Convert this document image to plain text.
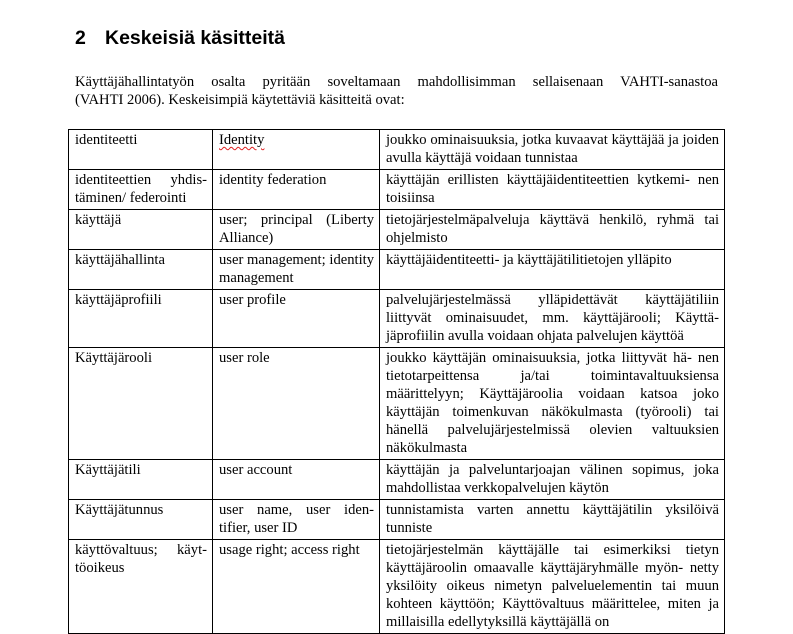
2 Keskeisiä käsitteitä
Käyttäjähallintatyön osalta pyritään soveltamaan mahdollisimman sellaisenaan VAHTI-sanastoa
(VAHTI 2006). Keskeisimpiä käytettäviä käsitteitä ovat:
identiteetti	Identity	joukko ominaisuuksia, jotka kuvaavat käyttäjää ja joiden avulla käyttäjä voidaan tunnistaa
identiteettien yhdis- täminen/ federointi	identity federation	käyttäjän erillisten käyttäjäidentiteettien kytkemi- nen toisiinsa
käyttäjä	user; principal (Liberty Alliance)	tietojärjestelmäpalveluja käyttävä henkilö, ryhmä tai ohjelmisto
käyttäjähallinta	user management; identity management	käyttäjäidentiteetti- ja käyttäjätilitietojen ylläpito
käyttäjäprofiili	user profile	palvelujärjestelmässä ylläpidettävät käyttäjätiliin liittyvät ominaisuudet, mm. käyttäjärooli; Käyttä- jäprofiilin avulla voidaan ohjata palvelujen käyttöä
Käyttäjärooli	user role	joukko käyttäjän ominaisuuksia, jotka liittyvät hä- nen tietotarpeittensa ja/tai toimintavaltuuksiensa määrittelyyn; Käyttäjäroolia voidaan katsoa joko käyttäjän toimenkuvan näkökulmasta (työrooli) tai hänellä palvelujärjestelmissä olevien valtuuksien näkökulmasta
Käyttäjätili	user account	käyttäjän ja palveluntarjoajan välinen sopimus, joka mahdollistaa verkkopalvelujen käytön
Käyttäjätunnus	user name, user iden- tifier, user ID	tunnistamista varten annettu käyttäjätilin yksilöivä tunniste
käyttövaltuus; käyt- töoikeus	usage right; access right	tietojärjestelmän käyttäjälle tai esimerkiksi tietyn käyttäjäroolin omaavalle käyttäjäryhmälle myön- netty yksilöity oikeus nimetyn palveluelementin tai muun kohteen käyttöön; Käyttövaltuus määrittelee, miten ja millaisilla edellytyksillä käyttäjällä on
